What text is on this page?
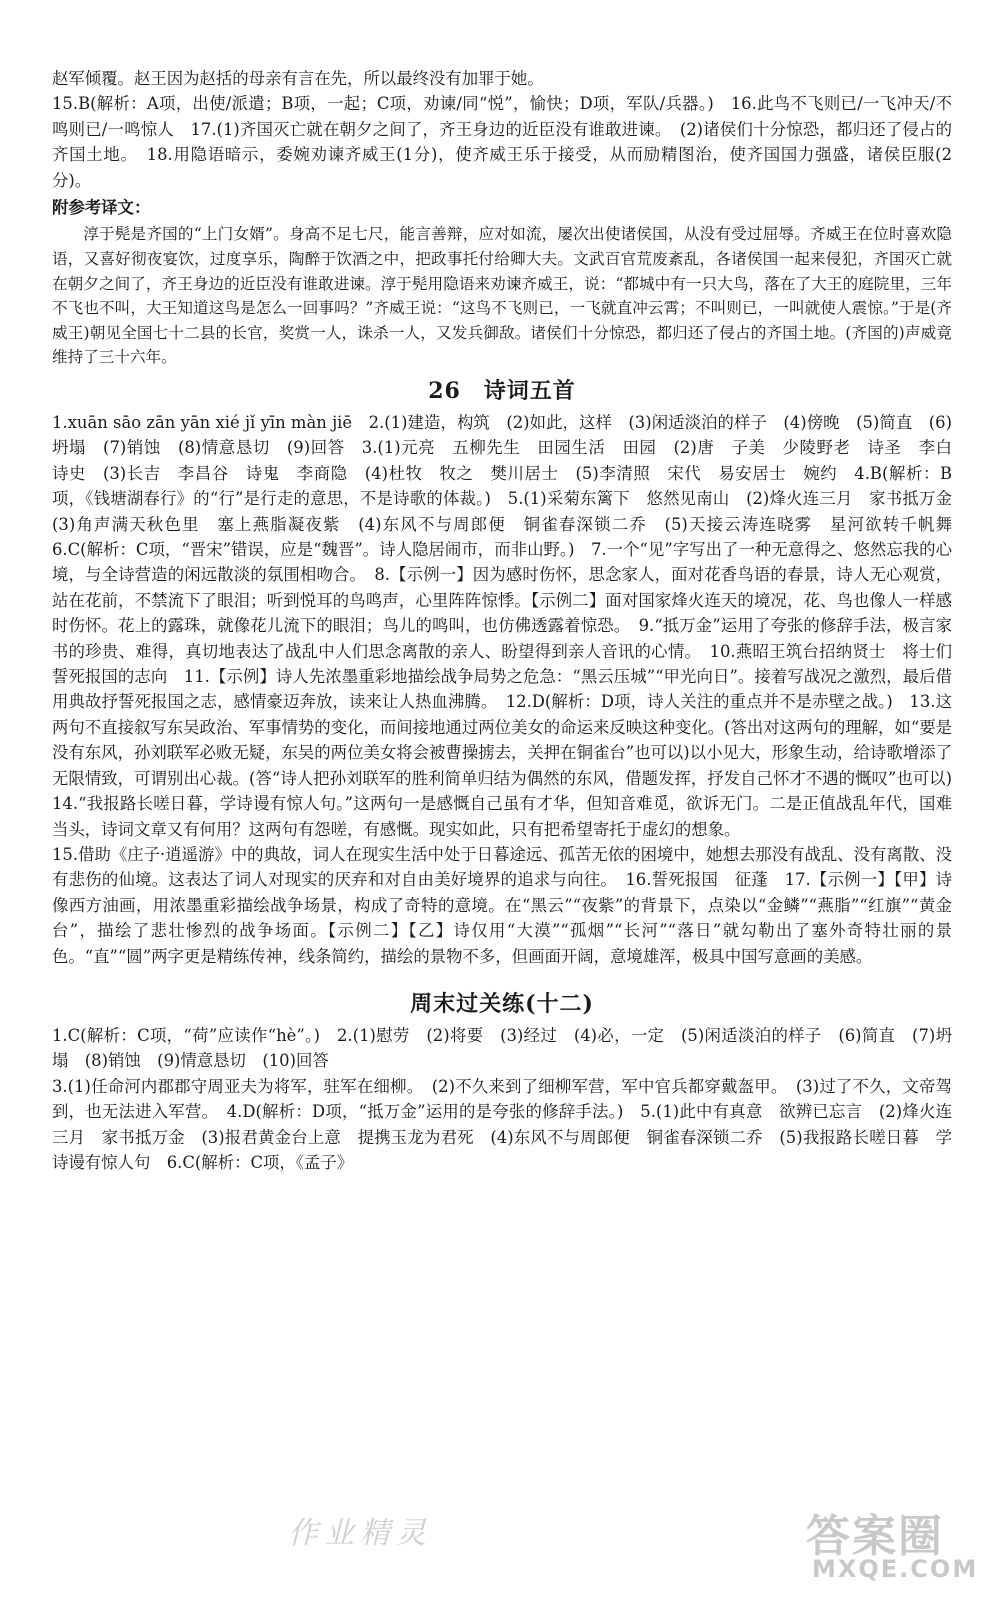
赵军倾覆。赵王因为赵括的母亲有言在先，所以最终没有加罪于她。

15.B(解析：A项，出使/派遣；B项，一起；C项，劝谏/同“悦”，愉快；D项，军队/兵器。)　16.此鸟不飞则已/一飞冲天/不鸣则已/一鸣惊人　17.(1)齐国灭亡就在朝夕之间了，齐王身边的近臣没有谁敢进谏。　(2)诸侯们十分惊恐，都归还了侵占的齐国土地。　18.用隐语暗示，委婉劝谏齐威王(1分)，使齐威王乐于接受，从而励精图治，使齐国国力强盛，诸侯臣服(2分)。

附参考译文：

淳于髡是齐国的“上门女婿”。身高不足七尺，能言善辩，应对如流，屡次出使诸侯国，从没有受过屈辱。齐威王在位时喜欢隐语，又喜好彻夜宴饮，过度享乐，陶醉于饮酒之中，把政事托付给卿大夫。文武百官荒废紊乱，各诸侯国一起来侵犯，齐国灭亡就在朝夕之间了，齐王身边的近臣没有谁敢进谏。淳于髡用隐语来劝谏齐威王，说：“都城中有一只大鸟，落在了大王的庭院里，三年不飞也不叫，大王知道这鸟是怎么一回事吗？”齐威王说：“这鸟不飞则已，一飞就直冲云霄；不叫则已，一叫就使人震惊。”于是(齐威王)朝见全国七十二县的长官，奖赏一人，诛杀一人，又发兵御敌。诸侯们十分惊恐，都归还了侵占的齐国土地。(齐国的)声威竟维持了三十六年。

26　诗词五首

1.xuān sāo zān yān xié jǐ yīn màn jiē　2.(1)建造，构筑　(2)如此，这样　(3)闲适淡泊的样子　(4)傍晚　(5)简直　(6)坍塌　(7)销蚀　(8)情意恳切　(9)回答　3.(1)元亮　五柳先生　田园生活　田园　(2)唐　子美　少陵野老　诗圣　李白　诗史　(3)长吉　李昌谷　诗鬼　李商隐　(4)杜牧　牧之　樊川居士　(5)李清照　宋代　易安居士　婉约　4.B(解析：B项，《钱塘湖春行》的“行”是行走的意思，不是诗歌的体裁。)　5.(1)采菊东篱下　悠然见南山　(2)烽火连三月　家书抵万金　(3)角声满天秋色里　塞上燕脂凝夜紫　(4)东风不与周郎便　铜雀春深锁二乔　(5)天接云涛连晓雾　星河欲转千帆舞　6.C(解析：C项，“晋宋”错误，应是“魏晋”。诗人隐居闹市，而非山野。)　7.一个“见”字写出了一种无意得之、悠然忘我的心境，与全诗营造的闲远散淡的氛围相吻合。　8.【示例一】因为感时伤怀，思念家人，面对花香鸟语的春景，诗人无心观赏，站在花前，不禁流下了眼泪；听到悦耳的鸟鸣声，心里阵阵惊悸。【示例二】面对国家烽火连天的境况，花、鸟也像人一样感时伤怀。花上的露珠，就像花儿流下的眼泪；鸟儿的鸣叫，也仿佛透露着惊恐。　9.“抵万金”运用了夸张的修辞手法，极言家书的珍贵、难得，真切地表达了战乱中人们思念离散的亲人、盼望得到亲人音讯的心情。　10.燕昭王筑台招纳贤士　将士们誓死报国的志向　11.【示例】诗人先浓墨重彩地描绘战争局势之危急：“黑云压城”“甲光向日”。接着写战况之激烈，最后借用典故抒誓死报国之志，感情豪迈奔放，读来让人热血沸腾。　12.D(解析：D项，诗人关注的重点并不是赤壁之战。)　13.这两句不直接叙写东吴政治、军事情势的变化，而间接地通过两位美女的命运来反映这种变化。(答出对这两句的理解，如“要是没有东风，孙刘联军必败无疑，东吴的两位美女将会被曹操掳去，关押在铜雀台”也可以)以小见大，形象生动，给诗歌增添了无限情致，可谓别出心裁。(答“诗人把孙刘联军的胜利简单归结为偶然的东风，借题发挥，抒发自己怀才不遇的慨叹”也可以)　14.“我报路长嗟日暮，学诗谩有惊人句。”这两句一是感慨自己虽有才华，但知音难觅，欲诉无门。二是正值战乱年代，国难当头，诗词文章又有何用？这两句有怨嗟，有感慨。现实如此，只有把希望寄托于虚幻的想象。

15.借助《庄子·逍遥游》中的典故，词人在现实生活中处于日暮途远、孤苦无依的困境中，她想去那没有战乱、没有离散、没有悲伤的仙境。这表达了词人对现实的厌弃和对自由美好境界的追求与向往。　16.誓死报国　征蓬　17.【示例一】【甲】诗像西方油画，用浓墨重彩描绘战争场景，构成了奇特的意境。在“黑云”“夜紫”的背景下，点染以“金鳞”“燕脂”“红旗”“黄金台”，描绘了悲壮惨烈的战争场面。【示例二】【乙】诗仅用“大漠”“孤烟”“长河”“落日”就勾勒出了塞外奇特壮丽的景色。“直”“圆”两字更是精练传神，线条简约，描绘的景物不多，但画面开阔，意境雄浑，极具中国写意画的美感。

周末过关练(十二)

1.C(解析：C项，“荷”应读作“hè”。)　2.(1)慰劳　(2)将要　(3)经过　(4)必，一定　(5)闲适淡泊的样子　(6)简直　(7)坍塌　(8)销蚀　(9)情意恳切　(10)回答

3.(1)任命河内郡郡守周亚夫为将军，驻军在细柳。　(2)不久来到了细柳军营，军中官兵都穿戴盔甲。　(3)过了不久，文帝驾到，也无法进入军营。　4.D(解析：D项，“抵万金”运用的是夸张的修辞手法。)　5.(1)此中有真意　欲辨已忘言　(2)烽火连三月　家书抵万金　(3)报君黄金台上意　提携玉龙为君死　(4)东风不与周郎便　铜雀春深锁二乔　(5)我报路长嗟日暮　学诗谩有惊人句　6.C(解析：C项，《孟子》

作业精灵	答案圈
MXQE.COM
